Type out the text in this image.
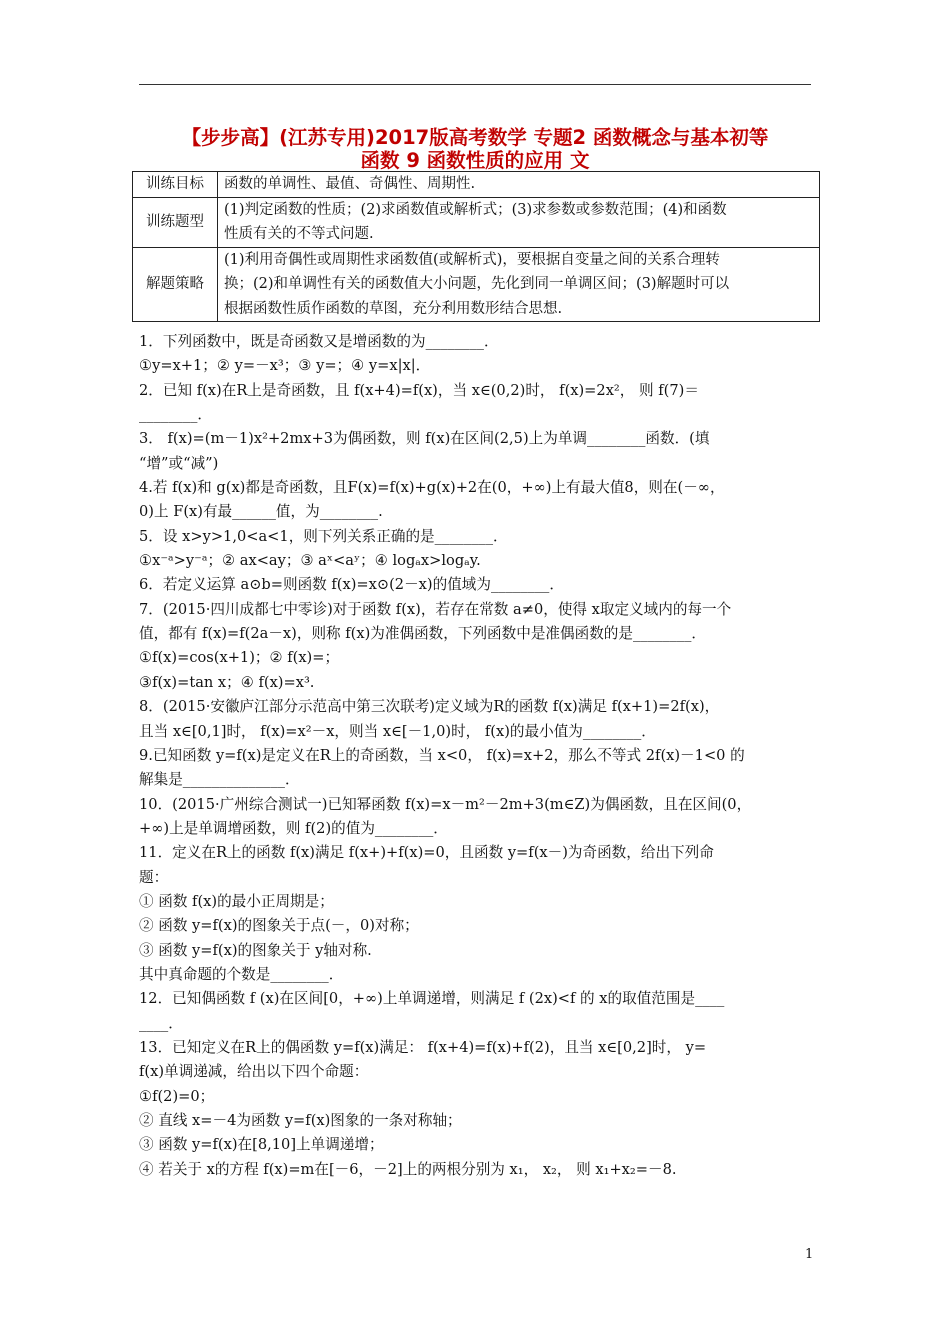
【步步高】(江苏专用)2017版高考数学 专题2 函数概念与基本初等
函数 9 函数性质的应用 文
训练目标	函数的单调性、最值、奇偶性、周期性.

训练题型	(1)判定函数的性质；(2)求函数值或解析式；(3)求参数或参数范围；(4)和函数
性质有关的不等式问题.

解题策略	(1)利用奇偶性或周期性求函数值(或解析式)，要根据自变量之间的关系合理转
换；(2)和单调性有关的函数值大小问题，先化到同一单调区间；(3)解题时可以
根据函数性质作函数的草图，充分利用数形结合思想.

1．下列函数中，既是奇函数又是增函数的为________．

①y=x+1；② y=－x³；③ y=；④ y=x|x|．

2．已知 f(x)在R上是奇函数，且 f(x+4)=f(x)，当 x∈(0,2)时， f(x)=2x²， 则 f(7)＝

________．

3． f(x)=(m－1)x²+2mx+3为偶函数，则 f(x)在区间(2,5)上为单调________函数．(填

“增”或“减”)

4.若 f(x)和 g(x)都是奇函数，且F(x)=f(x)+g(x)+2在(0，+∞)上有最大值8，则在(－∞，

0)上 F(x)有最______值，为________.

5．设 x>y>1,0<a<1，则下列关系正确的是________．

①x⁻ᵃ>y⁻ᵃ；② ax<ay；③ aˣ<aʸ；④ logₐx>logₐy.

6．若定义运算 a⊙b=则函数 f(x)=x⊙(2－x)的值域为________．

7．(2015·四川成都七中零诊)对于函数 f(x)，若存在常数 a≠0，使得 x取定义域内的每一个

值，都有 f(x)=f(2a－x)，则称 f(x)为准偶函数，下列函数中是准偶函数的是________．

①f(x)=cos(x+1)；② f(x)=；

③f(x)=tan x；④ f(x)=x³.

8．(2015·安徽庐江部分示范高中第三次联考)定义域为R的函数 f(x)满足 f(x+1)=2f(x)，

且当 x∈[0,1]时， f(x)=x²－x，则当 x∈[－1,0)时， f(x)的最小值为________．

9.已知函数 y=f(x)是定义在R上的奇函数，当 x<0， f(x)=x+2，那么不等式 2f(x)－1<0 的

解集是______________．

10．(2015·广州综合测试一)已知幂函数 f(x)=x－m²－2m+3(m∈Z)为偶函数，且在区间(0，

+∞)上是单调增函数，则 f(2)的值为________．

11．定义在R上的函数 f(x)满足 f(x+)+f(x)=0，且函数 y=f(x－)为奇函数，给出下列命

题：

① 函数 f(x)的最小正周期是；

② 函数 y=f(x)的图象关于点(－，0)对称；

③ 函数 y=f(x)的图象关于 y轴对称.

其中真命题的个数是________．

12．已知偶函数 f (x)在区间[0，+∞)上单调递增，则满足 f (2x)<f 的 x的取值范围是____

____．

13．已知定义在R上的偶函数 y=f(x)满足： f(x+4)=f(x)+f(2)，且当 x∈[0,2]时， y=

f(x)单调递减，给出以下四个命题：

①f(2)=0；

② 直线 x=－4为函数 y=f(x)图象的一条对称轴；

③ 函数 y=f(x)在[8,10]上单调递增；

④ 若关于 x的方程 f(x)=m在[－6，－2]上的两根分别为 x₁， x₂， 则 x₁+x₂=－8.

1
